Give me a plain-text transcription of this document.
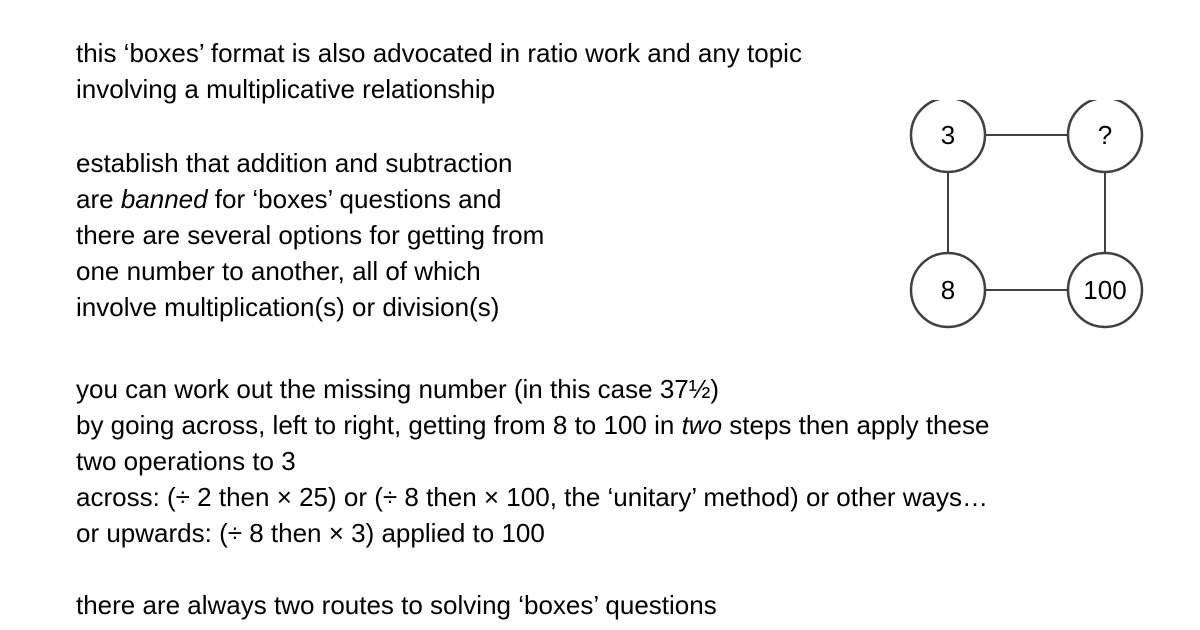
this ‘boxes’ format is also advocated in ratio work and any topic
involving a multiplicative relationship
establish that addition and subtraction
are banned for ‘boxes’ questions and
there are several options for getting from
one number to another, all of which
involve multiplication(s) or division(s)
3	?
8	100
you can work out the missing number (in this case 37½)
by going across, left to right, getting from 8 to 100 in two steps then apply these
two operations to 3
across: (÷ 2 then × 25) or (÷ 8 then × 100, the ‘unitary’ method) or other ways…
or upwards: (÷ 8 then × 3) applied to 100
there are always two routes to solving ‘boxes’ questions
